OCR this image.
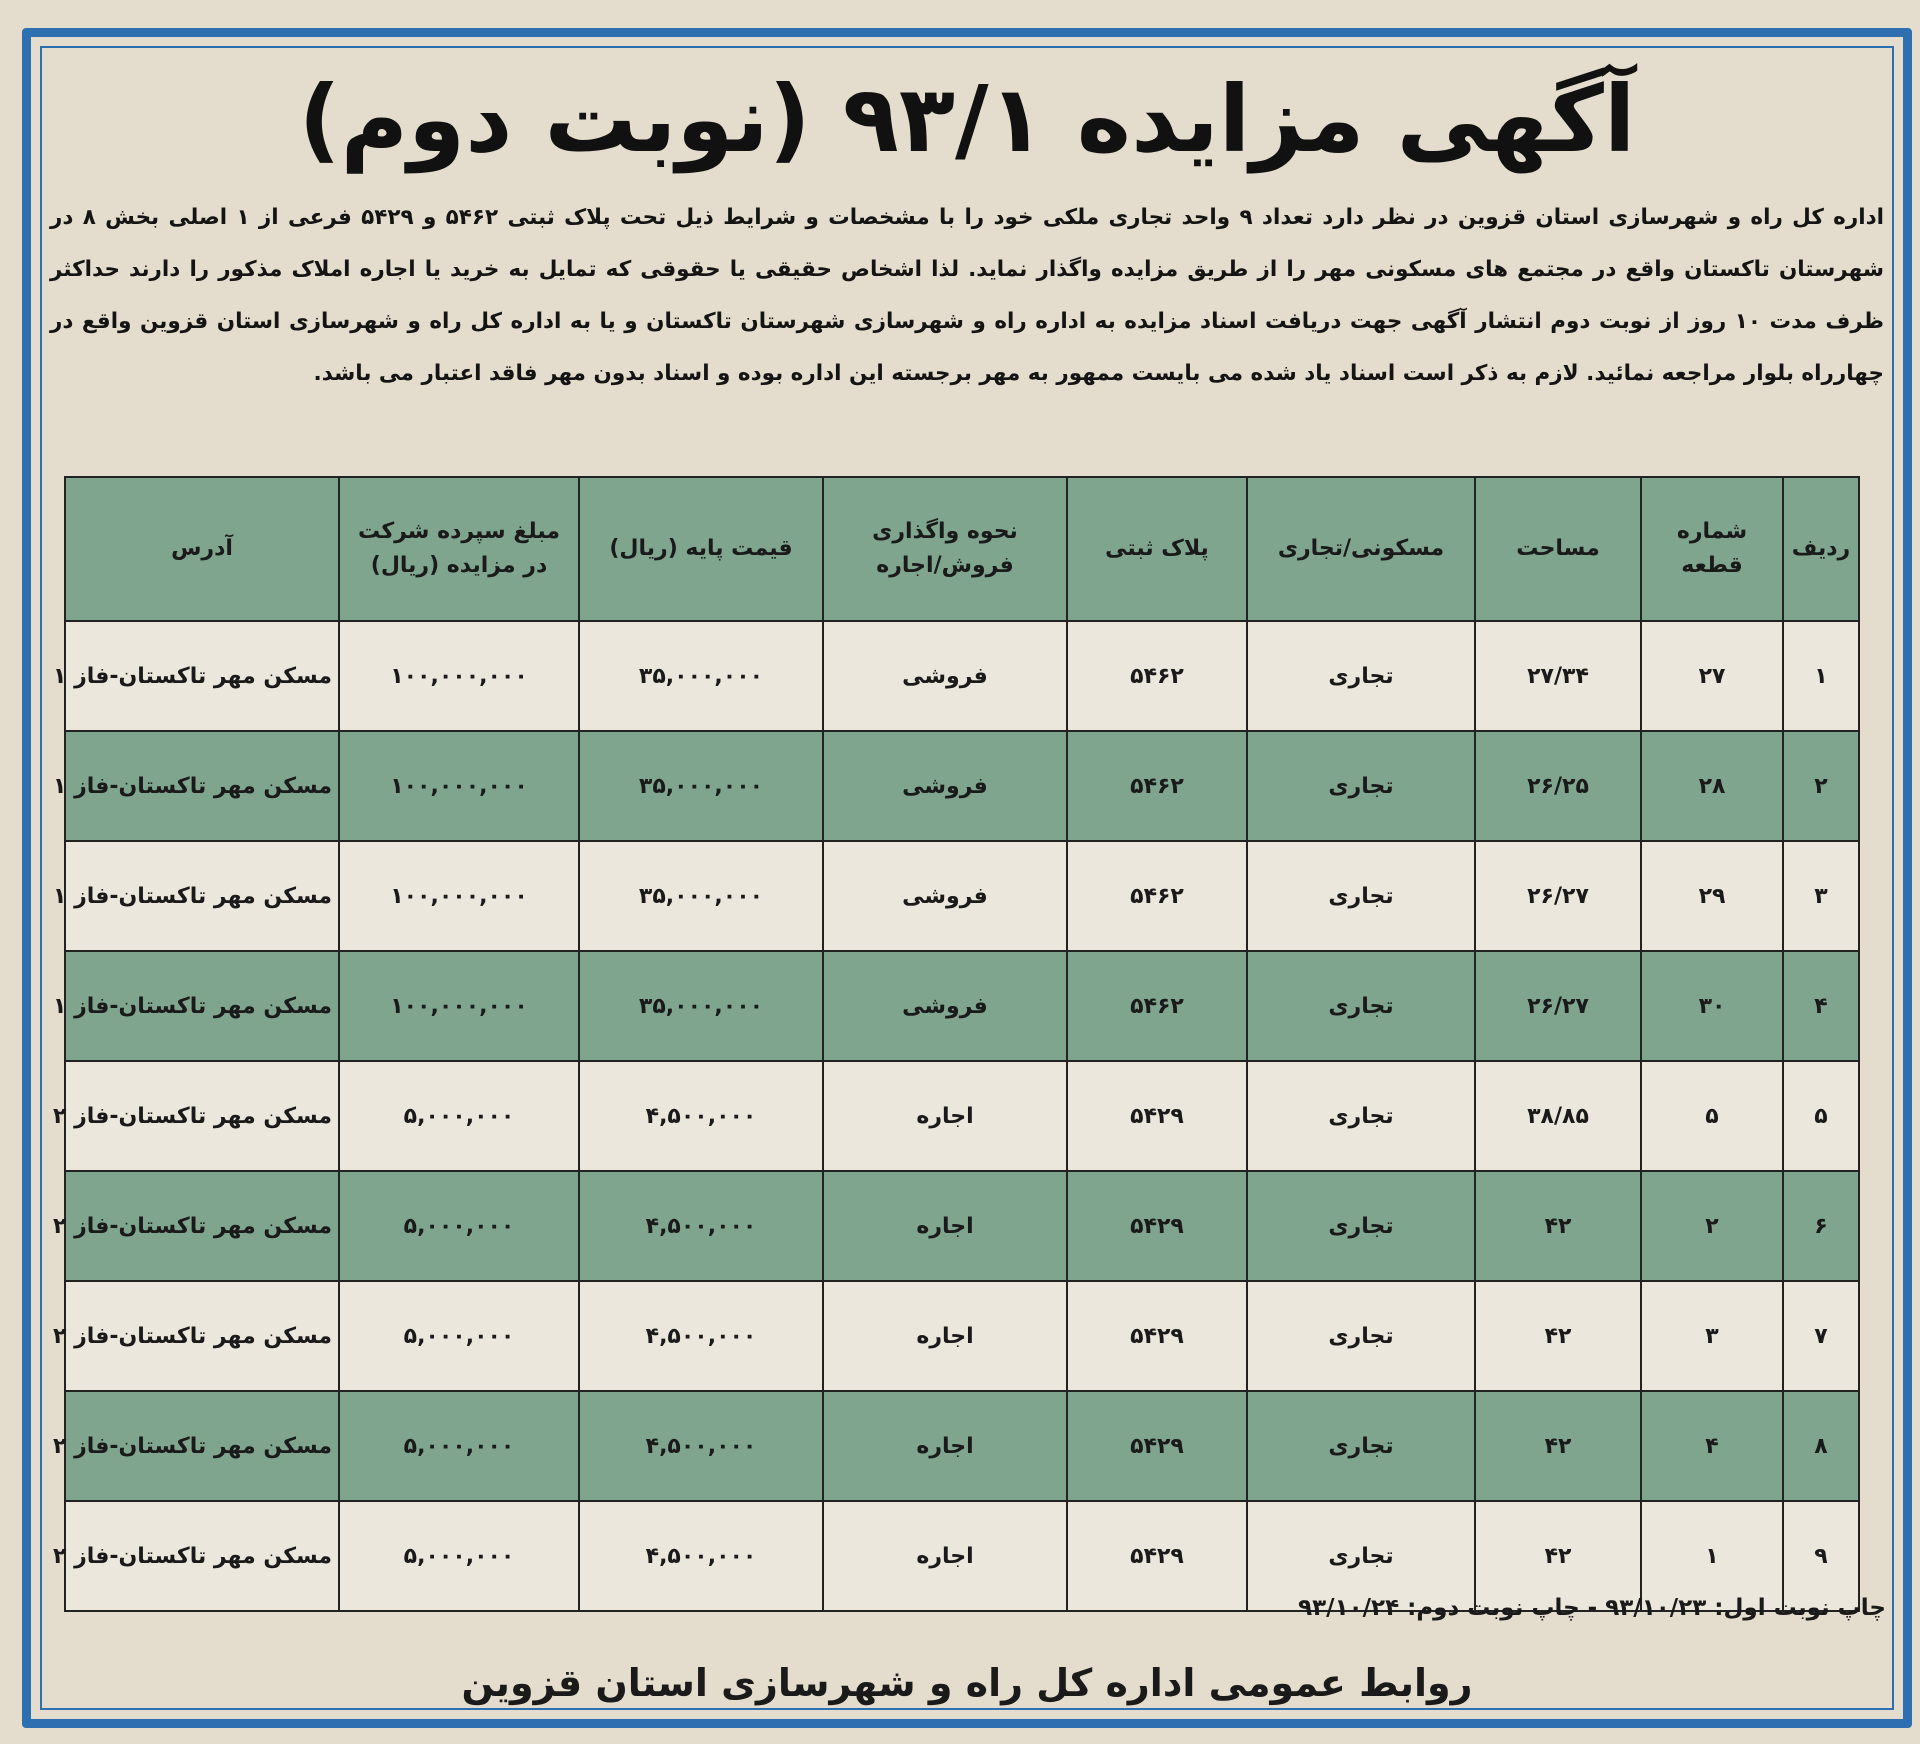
آگهی مزایده ۹۳/۱ (نوبت دوم)

اداره کل راه و شهرسازی استان قزوین در نظر دارد تعداد ۹ واحد تجاری ملکی خود را با مشخصات و شرایط ذیل تحت پلاک ثبتی ۵۴۶۲ و ۵۴۲۹ فرعی از ۱ اصلی بخش ۸ در شهرستان تاکستان واقع در مجتمع های مسکونی مهر را از طریق مزایده واگذار نماید. لذا اشخاص حقیقی یا حقوقی که تمایل به خرید یا اجاره املاک مذکور را دارند حداکثر ظرف مدت ۱۰ روز از نوبت دوم انتشار آگهی جهت دریافت اسناد مزایده به اداره راه و شهرسازی شهرستان تاکستان و یا به اداره کل راه و شهرسازی استان قزوین واقع در چهارراه بلوار مراجعه نمائید. لازم به ذکر است اسناد یاد شده می بایست ممهور به مهر برجسته این اداره بوده و اسناد بدون مهر فاقد اعتبار می باشد.

ردیف	شماره قطعه	مساحت	مسکونی/تجاری	پلاک ثبتی	نحوه واگذاری فروش/اجاره	قیمت پایه (ریال)	مبلغ سپرده شرکت در مزایده (ریال)	آدرس
۱	۲۷	۲۷/۳۴	تجاری	۵۴۶۲	فروشی	۳۵,۰۰۰,۰۰۰	۱۰۰,۰۰۰,۰۰۰	مسکن مهر تاکستان-فاز ۱
۲	۲۸	۲۶/۲۵	تجاری	۵۴۶۲	فروشی	۳۵,۰۰۰,۰۰۰	۱۰۰,۰۰۰,۰۰۰	مسکن مهر تاکستان-فاز ۱
۳	۲۹	۲۶/۲۷	تجاری	۵۴۶۲	فروشی	۳۵,۰۰۰,۰۰۰	۱۰۰,۰۰۰,۰۰۰	مسکن مهر تاکستان-فاز ۱
۴	۳۰	۲۶/۲۷	تجاری	۵۴۶۲	فروشی	۳۵,۰۰۰,۰۰۰	۱۰۰,۰۰۰,۰۰۰	مسکن مهر تاکستان-فاز ۱
۵	۵	۳۸/۸۵	تجاری	۵۴۲۹	اجاره	۴,۵۰۰,۰۰۰	۵,۰۰۰,۰۰۰	مسکن مهر تاکستان-فاز ۲
۶	۲	۴۲	تجاری	۵۴۲۹	اجاره	۴,۵۰۰,۰۰۰	۵,۰۰۰,۰۰۰	مسکن مهر تاکستان-فاز ۲
۷	۳	۴۲	تجاری	۵۴۲۹	اجاره	۴,۵۰۰,۰۰۰	۵,۰۰۰,۰۰۰	مسکن مهر تاکستان-فاز ۲
۸	۴	۴۲	تجاری	۵۴۲۹	اجاره	۴,۵۰۰,۰۰۰	۵,۰۰۰,۰۰۰	مسکن مهر تاکستان-فاز ۲
۹	۱	۴۲	تجاری	۵۴۲۹	اجاره	۴,۵۰۰,۰۰۰	۵,۰۰۰,۰۰۰	مسکن مهر تاکستان-فاز ۲
چاپ نوبت اول: ۹۳/۱۰/۲۳ - چاپ نوبت دوم: ۹۳/۱۰/۲۴
روابط عمومی اداره کل راه و شهرسازی استان قزوین
